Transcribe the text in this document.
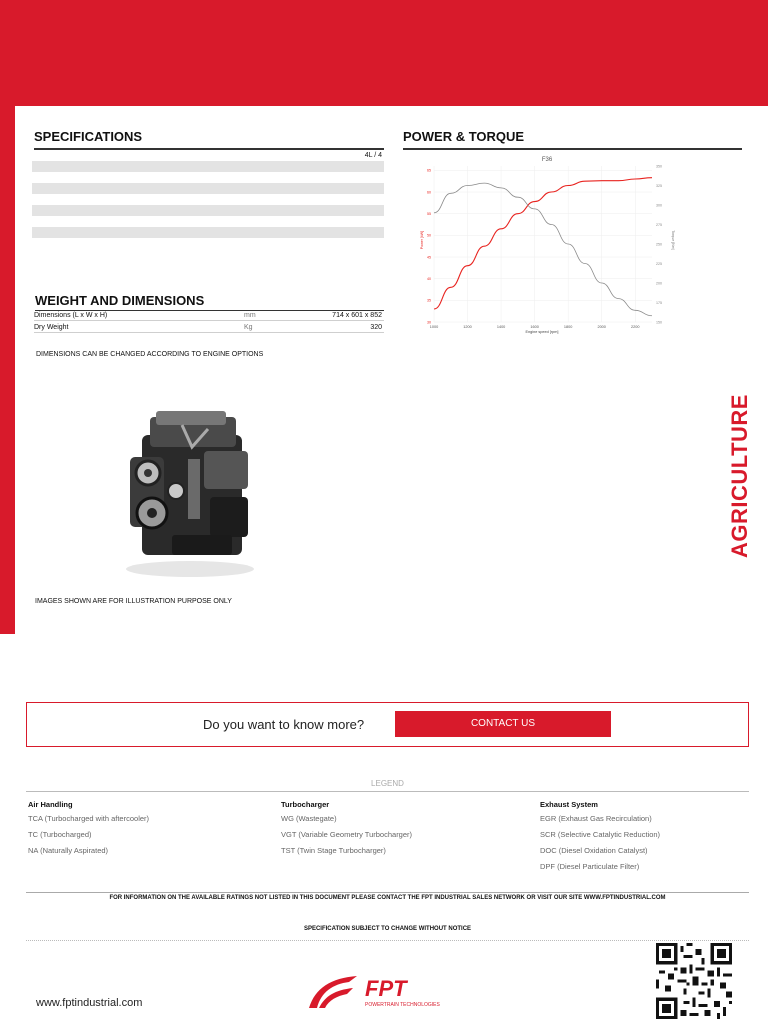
SPECIFICATIONS	POWER & TORQUE
4L / 4
WEIGHT AND DIMENSIONS
Dimensions (L x W x H)	mm	714 x 601 x 852
Dry Weight	Kg	320
DIMENSIONS CAN BE CHANGED ACCORDING TO ENGINE OPTIONS
F36
Power [kW]	Torque [Nm]
Engine speed [rpm]
1000	1200	1400	1600	1800	2000	2200
30
35
40
45
50
55
60
65
150
175
200
225
250
275
300
325
350
IMAGES SHOWN ARE FOR ILLUSTRATION PURPOSE ONLY
AGRICULTURE
Do you want to know more?	CONTACT US
LEGEND
Air Handling
TCA (Turbocharged with aftercooler)
TC (Turbocharged)
NA (Naturally Aspirated)
Turbocharger
WG (Wastegate)
VGT (Variable Geometry Turbocharger)
TST (Twin Stage Turbocharger)
Exhaust System
EGR (Exhaust Gas Recirculation)
SCR (Selective Catalytic Reduction)
DOC (Diesel Oxidation Catalyst)
DPF (Diesel Particulate Filter)
FOR INFORMATION ON THE AVAILABLE RATINGS NOT LISTED IN THIS DOCUMENT PLEASE CONTACT THE FPT INDUSTRIAL SALES NETWORK OR VISIT OUR SITE WWW.FPTINDUSTRIAL.COM
SPECIFICATION SUBJECT TO CHANGE WITHOUT NOTICE
www.fptindustrial.com
FPT
POWERTRAIN TECHNOLOGIES
